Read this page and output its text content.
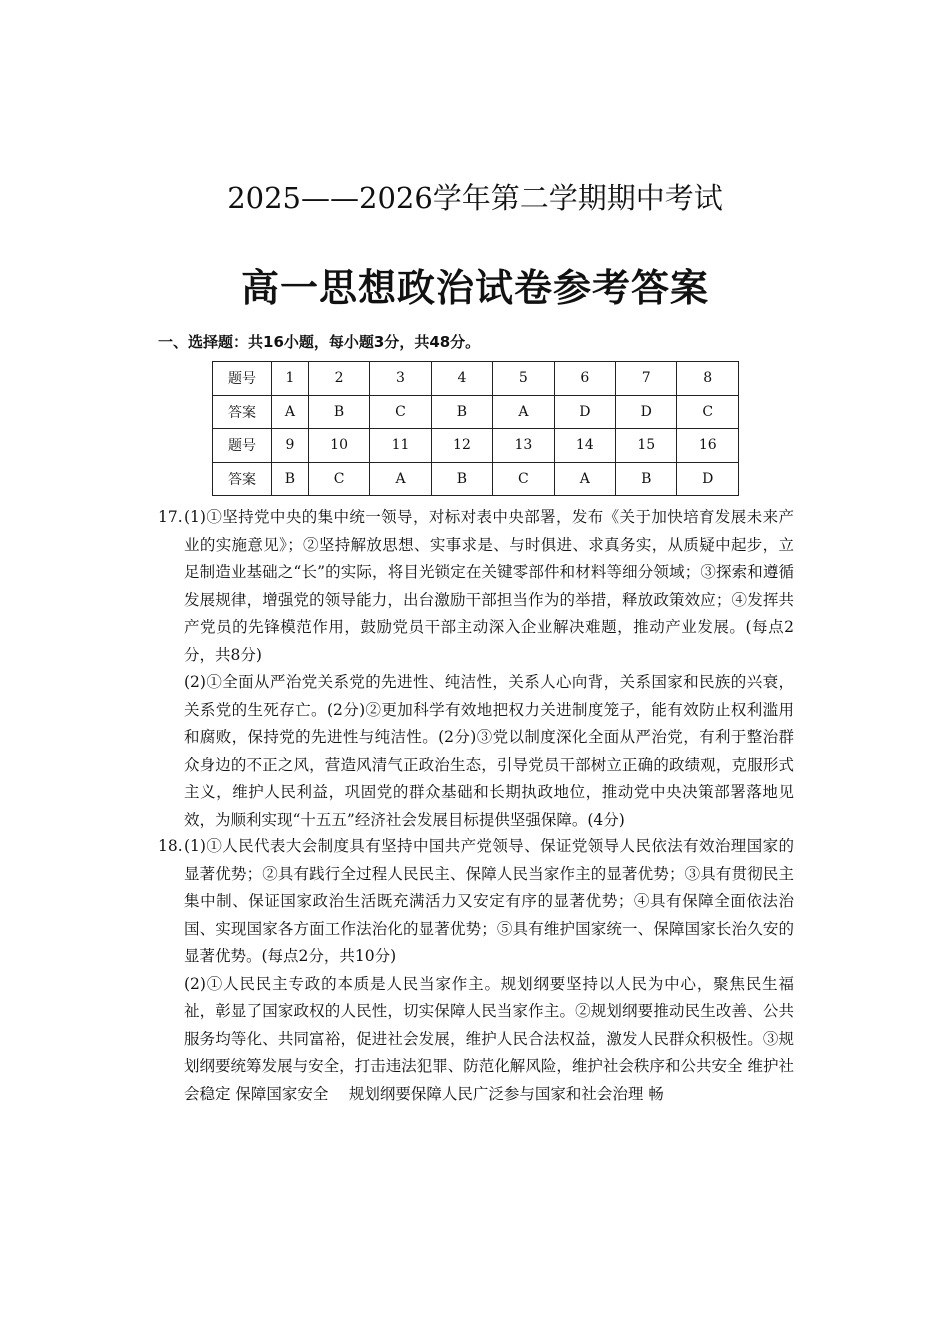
2025——2026学年第二学期期中考试
高一思想政治试卷参考答案
一、选择题：共16小题，每小题3分，共48分。
题号	1	2	3	4	5	6	7	8
答案	A	B	C	B	A	D	D	C
题号	9	10	11	12	13	14	15	16
答案	B	C	A	B	C	A	B	D
17. (1)①坚持党中央的集中统一领导，对标对表中央部署，发布《关于加快培育发展未来产业的实施意见》；②坚持解放思想、实事求是、与时俱进、求真务实，从质疑中起步，立足制造业基础之“长”的实际，将目光锁定在关键零部件和材料等细分领域；③探索和遵循发展规律，增强党的领导能力，出台激励干部担当作为的举措，释放政策效应；④发挥共产党员的先锋模范作用，鼓励党员干部主动深入企业解决难题，推动产业发展。(每点2分，共8分)

(2)①全面从严治党关系党的先进性、纯洁性，关系人心向背，关系国家和民族的兴衰，关系党的生死存亡。(2分)②更加科学有效地把权力关进制度笼子，能有效防止权利滥用和腐败，保持党的先进性与纯洁性。(2分)③党以制度深化全面从严治党，有利于整治群众身边的不正之风，营造风清气正政治生态，引导党员干部树立正确的政绩观，克服形式主义，维护人民利益，巩固党的群众基础和长期执政地位，推动党中央决策部署落地见效，为顺利实现“十五五”经济社会发展目标提供坚强保障。(4分)

18. (1)①人民代表大会制度具有坚持中国共产党领导、保证党领导人民依法有效治理国家的显著优势；②具有践行全过程人民民主、保障人民当家作主的显著优势；③具有贯彻民主集中制、保证国家政治生活既充满活力又安定有序的显著优势；④具有保障全面依法治国、实现国家各方面工作法治化的显著优势；⑤具有维护国家统一、保障国家长治久安的显著优势。(每点2分，共10分)

(2)①人民民主专政的本质是人民当家作主。规划纲要坚持以人民为中心，聚焦民生福祉，彰显了国家政权的人民性，切实保障人民当家作主。②规划纲要推动民生改善、公共服务均等化、共同富裕，促进社会发展，维护人民合法权益，激发人民群众积极性。③规划纲要统筹发展与安全，打击违法犯罪、防范化解风险，维护社会秩序和公共安全 维护社会稳定 保障国家安全　 规划纲要保障人民广泛参与国家和社会治理 畅
